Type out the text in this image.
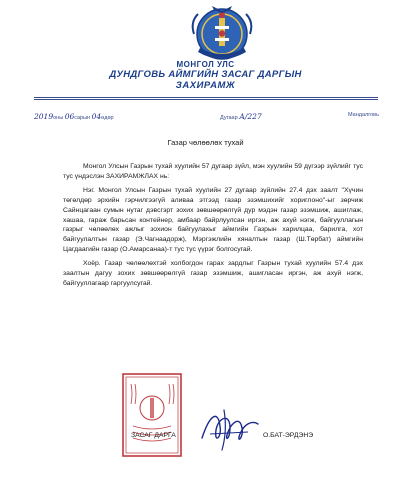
МОНГОЛ УЛС
ДУНДГОВЬ АЙМГИЙН ЗАСАГ ДАРГЫН
ЗАХИРАМЖ
2019оны 06сарын 04өдөр	Дугаар А/227	Мандалговь
Газар чөлөөлөх тухай

Монгол Улсын Газрын тухай хуулийн 57 дугаар зүйл, мэн хуулийн 59 дүгээр зүйлийг тус тус үндэслэн ЗАХИРАМЖЛАХ нь:

Нэг. Монгол Улсын Газрын тухай хуулийн 27 дугаар зүйлийн 27.4 дэх заалт "Хүчин төгөлдөр эрхийн гэрчилгээгүй аливаа этгээд газар эзэмшихийг хориглоно"-ыг зөрчиж Сайнцагаан сумын нутаг дэвсгэрт зохих зөвшөөрөлгүй дур мэдэн газар эзэмшиж, ашиглаж, хашаа, гараж барьсан контейнер, амбаар байрлуулсан иргэн, аж ахуй нэгж, байгууллагын газрыг чөлөөлөх ажлыг зохион байгуулахыг аймгийн Газрын харилцаа, барилга, хот байгуулалтын газар (Э.Чагнаадорж), Мэргэжлийн хяналтын газар (Ш.Төрбат) аймгийн Цагдаагийн газар (О.Амарсанаа)-т тус тус үүрэг болгосугай.

Хоёр. Газар чөлөөлөхтэй холбогдон гарах зардлыг Газрын тухай хуулийн 57.4 дэх заалтын дагуу зохих зөвшөөрөлгүй газар эзэмшиж, ашигласан иргэн, аж ахуй нэгж, байгууллагаар гаргуулсугай.

ЗАСАГ ДАРГА	О.БАТ-ЭРДЭНЭ
